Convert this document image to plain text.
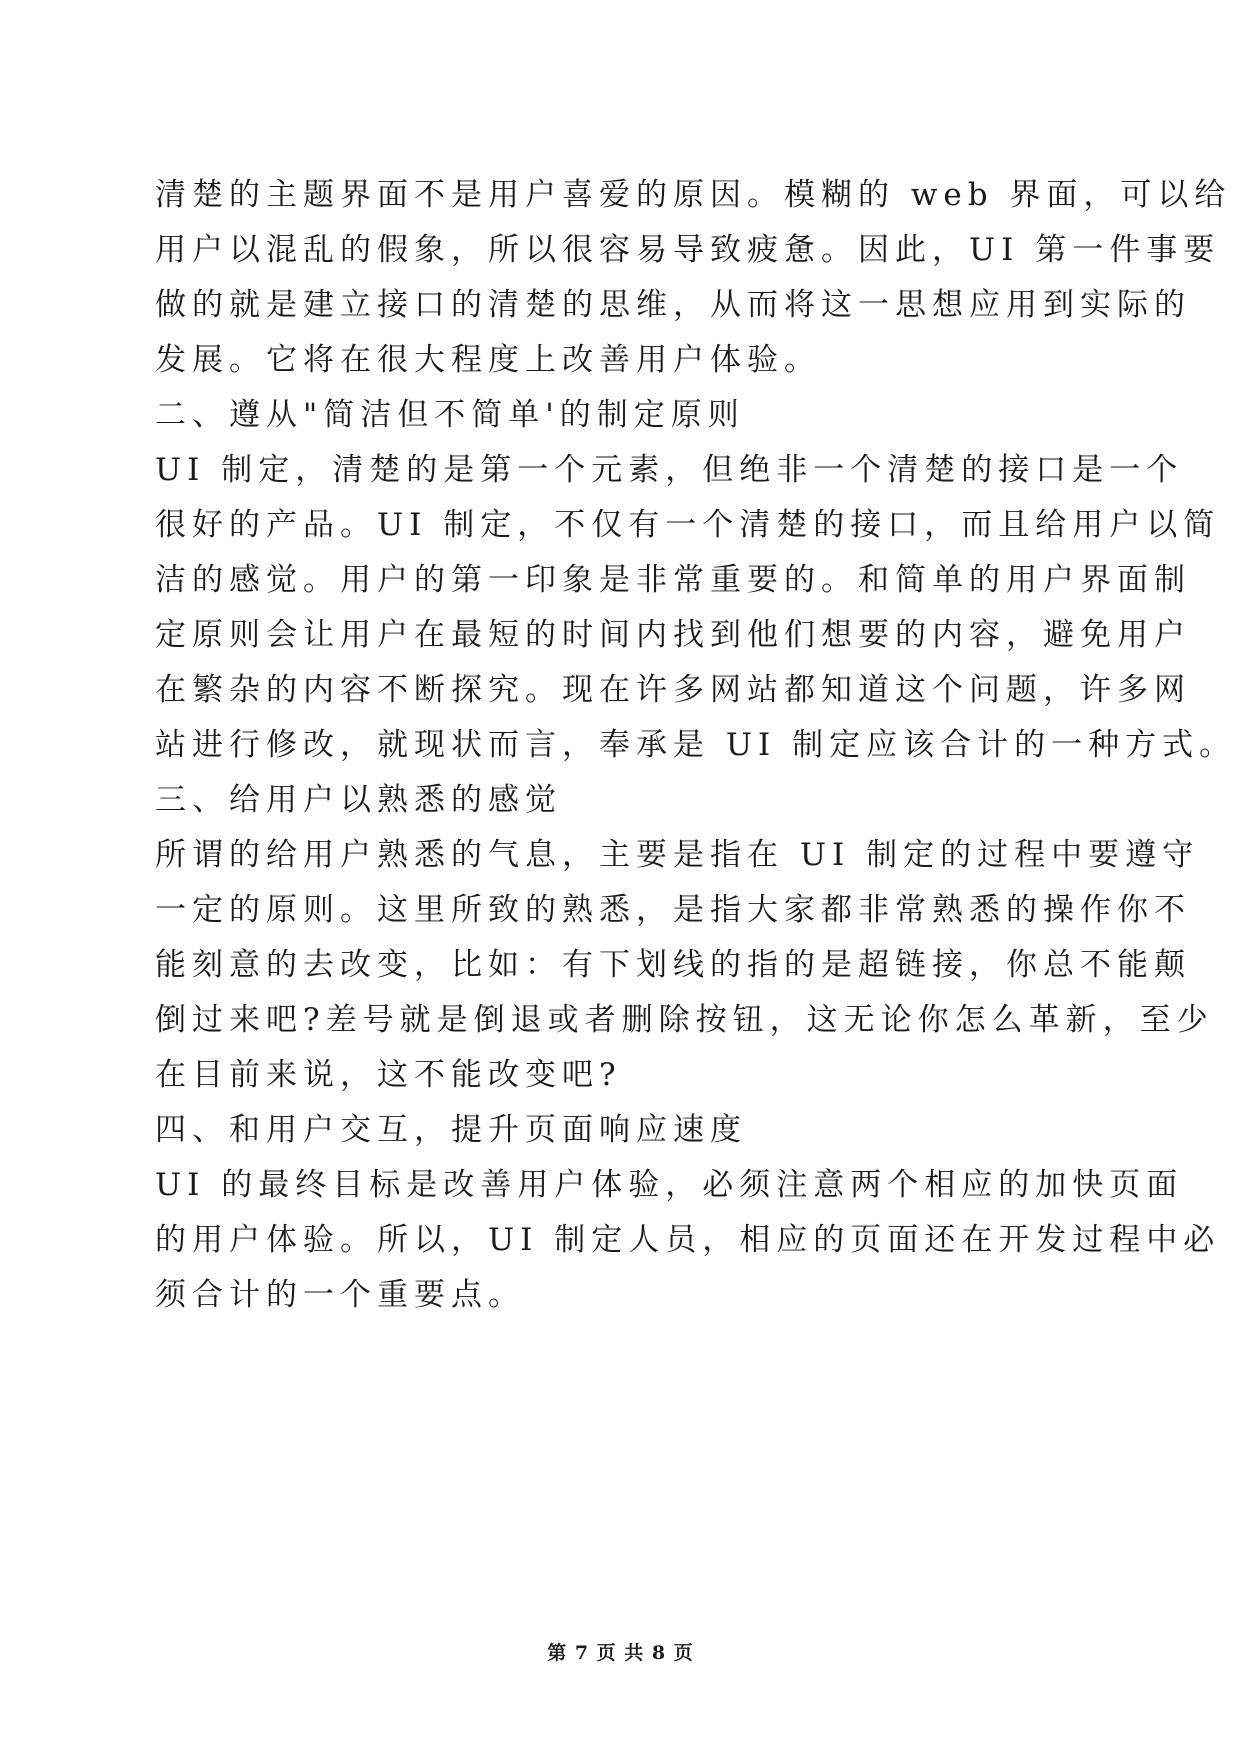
清楚的主题界面不是用户喜爱的原因。模糊的 web 界面，可以给
用户以混乱的假象，所以很容易导致疲惫。因此，UI 第一件事要
做的就是建立接口的清楚的思维，从而将这一思想应用到实际的
发展。它将在很大程度上改善用户体验。
二、遵从"简洁但不简单'的制定原则
UI 制定，清楚的是第一个元素，但绝非一个清楚的接口是一个
很好的产品。UI 制定，不仅有一个清楚的接口，而且给用户以简
洁的感觉。用户的第一印象是非常重要的。和简单的用户界面制
定原则会让用户在最短的时间内找到他们想要的内容，避免用户
在繁杂的内容不断探究。现在许多网站都知道这个问题，许多网
站进行修改，就现状而言，奉承是 UI 制定应该合计的一种方式。
三、给用户以熟悉的感觉
所谓的给用户熟悉的气息，主要是指在 UI 制定的过程中要遵守
一定的原则。这里所致的熟悉，是指大家都非常熟悉的操作你不
能刻意的去改变，比如：有下划线的指的是超链接，你总不能颠
倒过来吧?差号就是倒退或者删除按钮，这无论你怎么革新，至少
在目前来说，这不能改变吧?
四、和用户交互，提升页面响应速度
UI 的最终目标是改善用户体验，必须注意两个相应的加快页面
的用户体验。所以，UI 制定人员，相应的页面还在开发过程中必
须合计的一个重要点。
第 7 页 共 8 页
